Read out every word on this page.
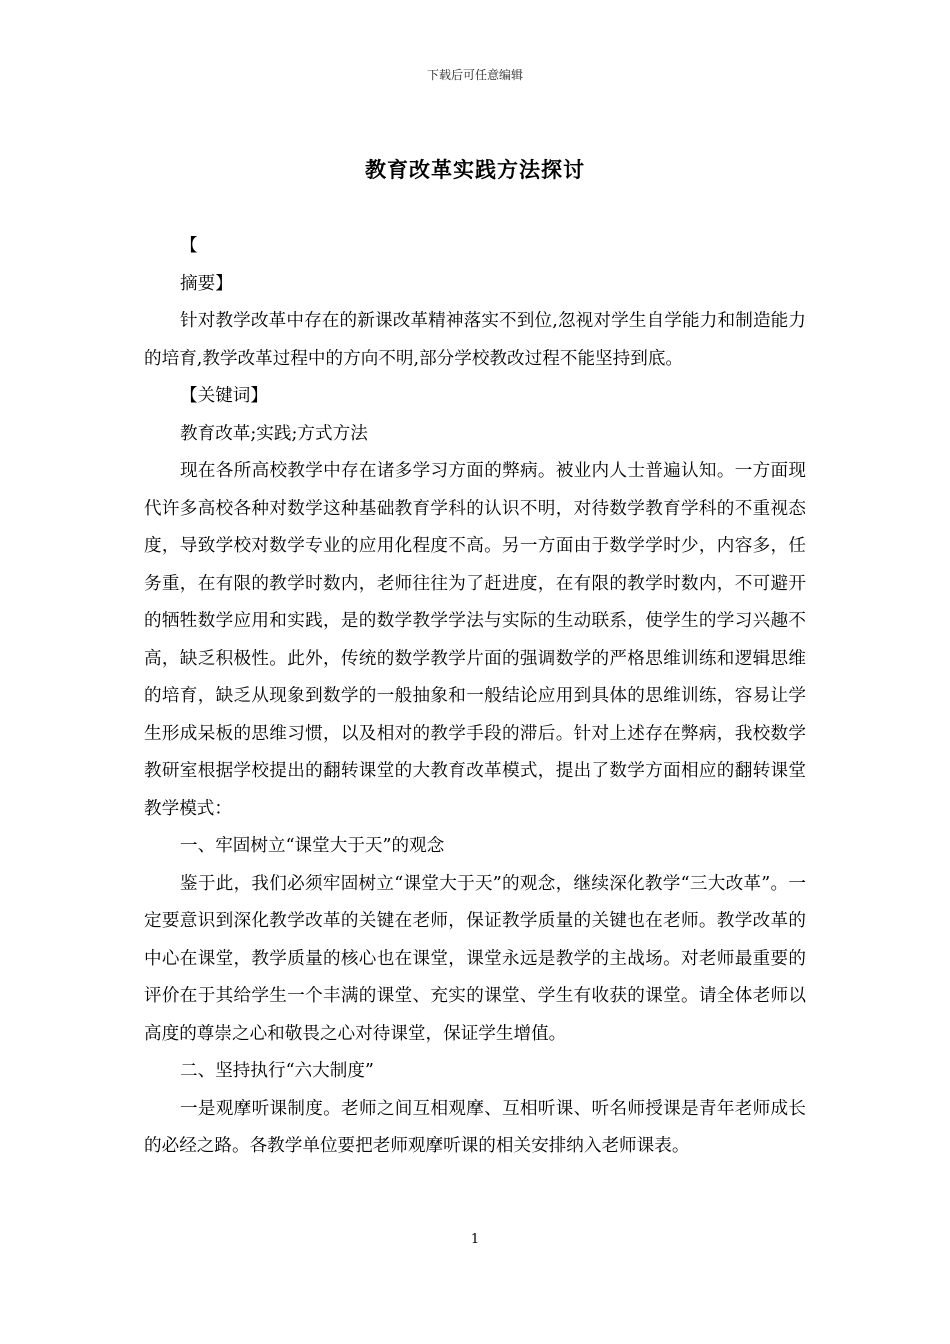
下载后可任意编辑
教育改革实践方法探讨

【

摘要】

针对教学改革中存在的新课改革精神落实不到位,忽视对学生自学能力和制造能力的培育,教学改革过程中的方向不明,部分学校教改过程不能坚持到底。

【关键词】

教育改革;实践;方式方法

现在各所高校教学中存在诸多学习方面的弊病。被业内人士普遍认知。一方面现代许多高校各种对数学这种基础教育学科的认识不明，对待数学教育学科的不重视态度，导致学校对数学专业的应用化程度不高。另一方面由于数学学时少，内容多，任务重，在有限的教学时数内，老师往往为了赶进度，在有限的教学时数内，不可避开的牺牲数学应用和实践，是的数学教学学法与实际的生动联系，使学生的学习兴趣不高，缺乏积极性。此外，传统的数学教学片面的强调数学的严格思维训练和逻辑思维的培育，缺乏从现象到数学的一般抽象和一般结论应用到具体的思维训练，容易让学生形成呆板的思维习惯，以及相对的教学手段的滞后。针对上述存在弊病，我校数学教研室根据学校提出的翻转课堂的大教育改革模式，提出了数学方面相应的翻转课堂教学模式：

一、牢固树立“课堂大于天”的观念

鉴于此，我们必须牢固树立“课堂大于天”的观念，继续深化教学“三大改革”。一定要意识到深化教学改革的关键在老师，保证教学质量的关键也在老师。教学改革的中心在课堂，教学质量的核心也在课堂，课堂永远是教学的主战场。对老师最重要的评价在于其给学生一个丰满的课堂、充实的课堂、学生有收获的课堂。请全体老师以高度的尊崇之心和敬畏之心对待课堂，保证学生增值。

二、坚持执行“六大制度”

一是观摩听课制度。老师之间互相观摩、互相听课、听名师授课是青年老师成长的必经之路。各教学单位要把老师观摩听课的相关安排纳入老师课表。

1
